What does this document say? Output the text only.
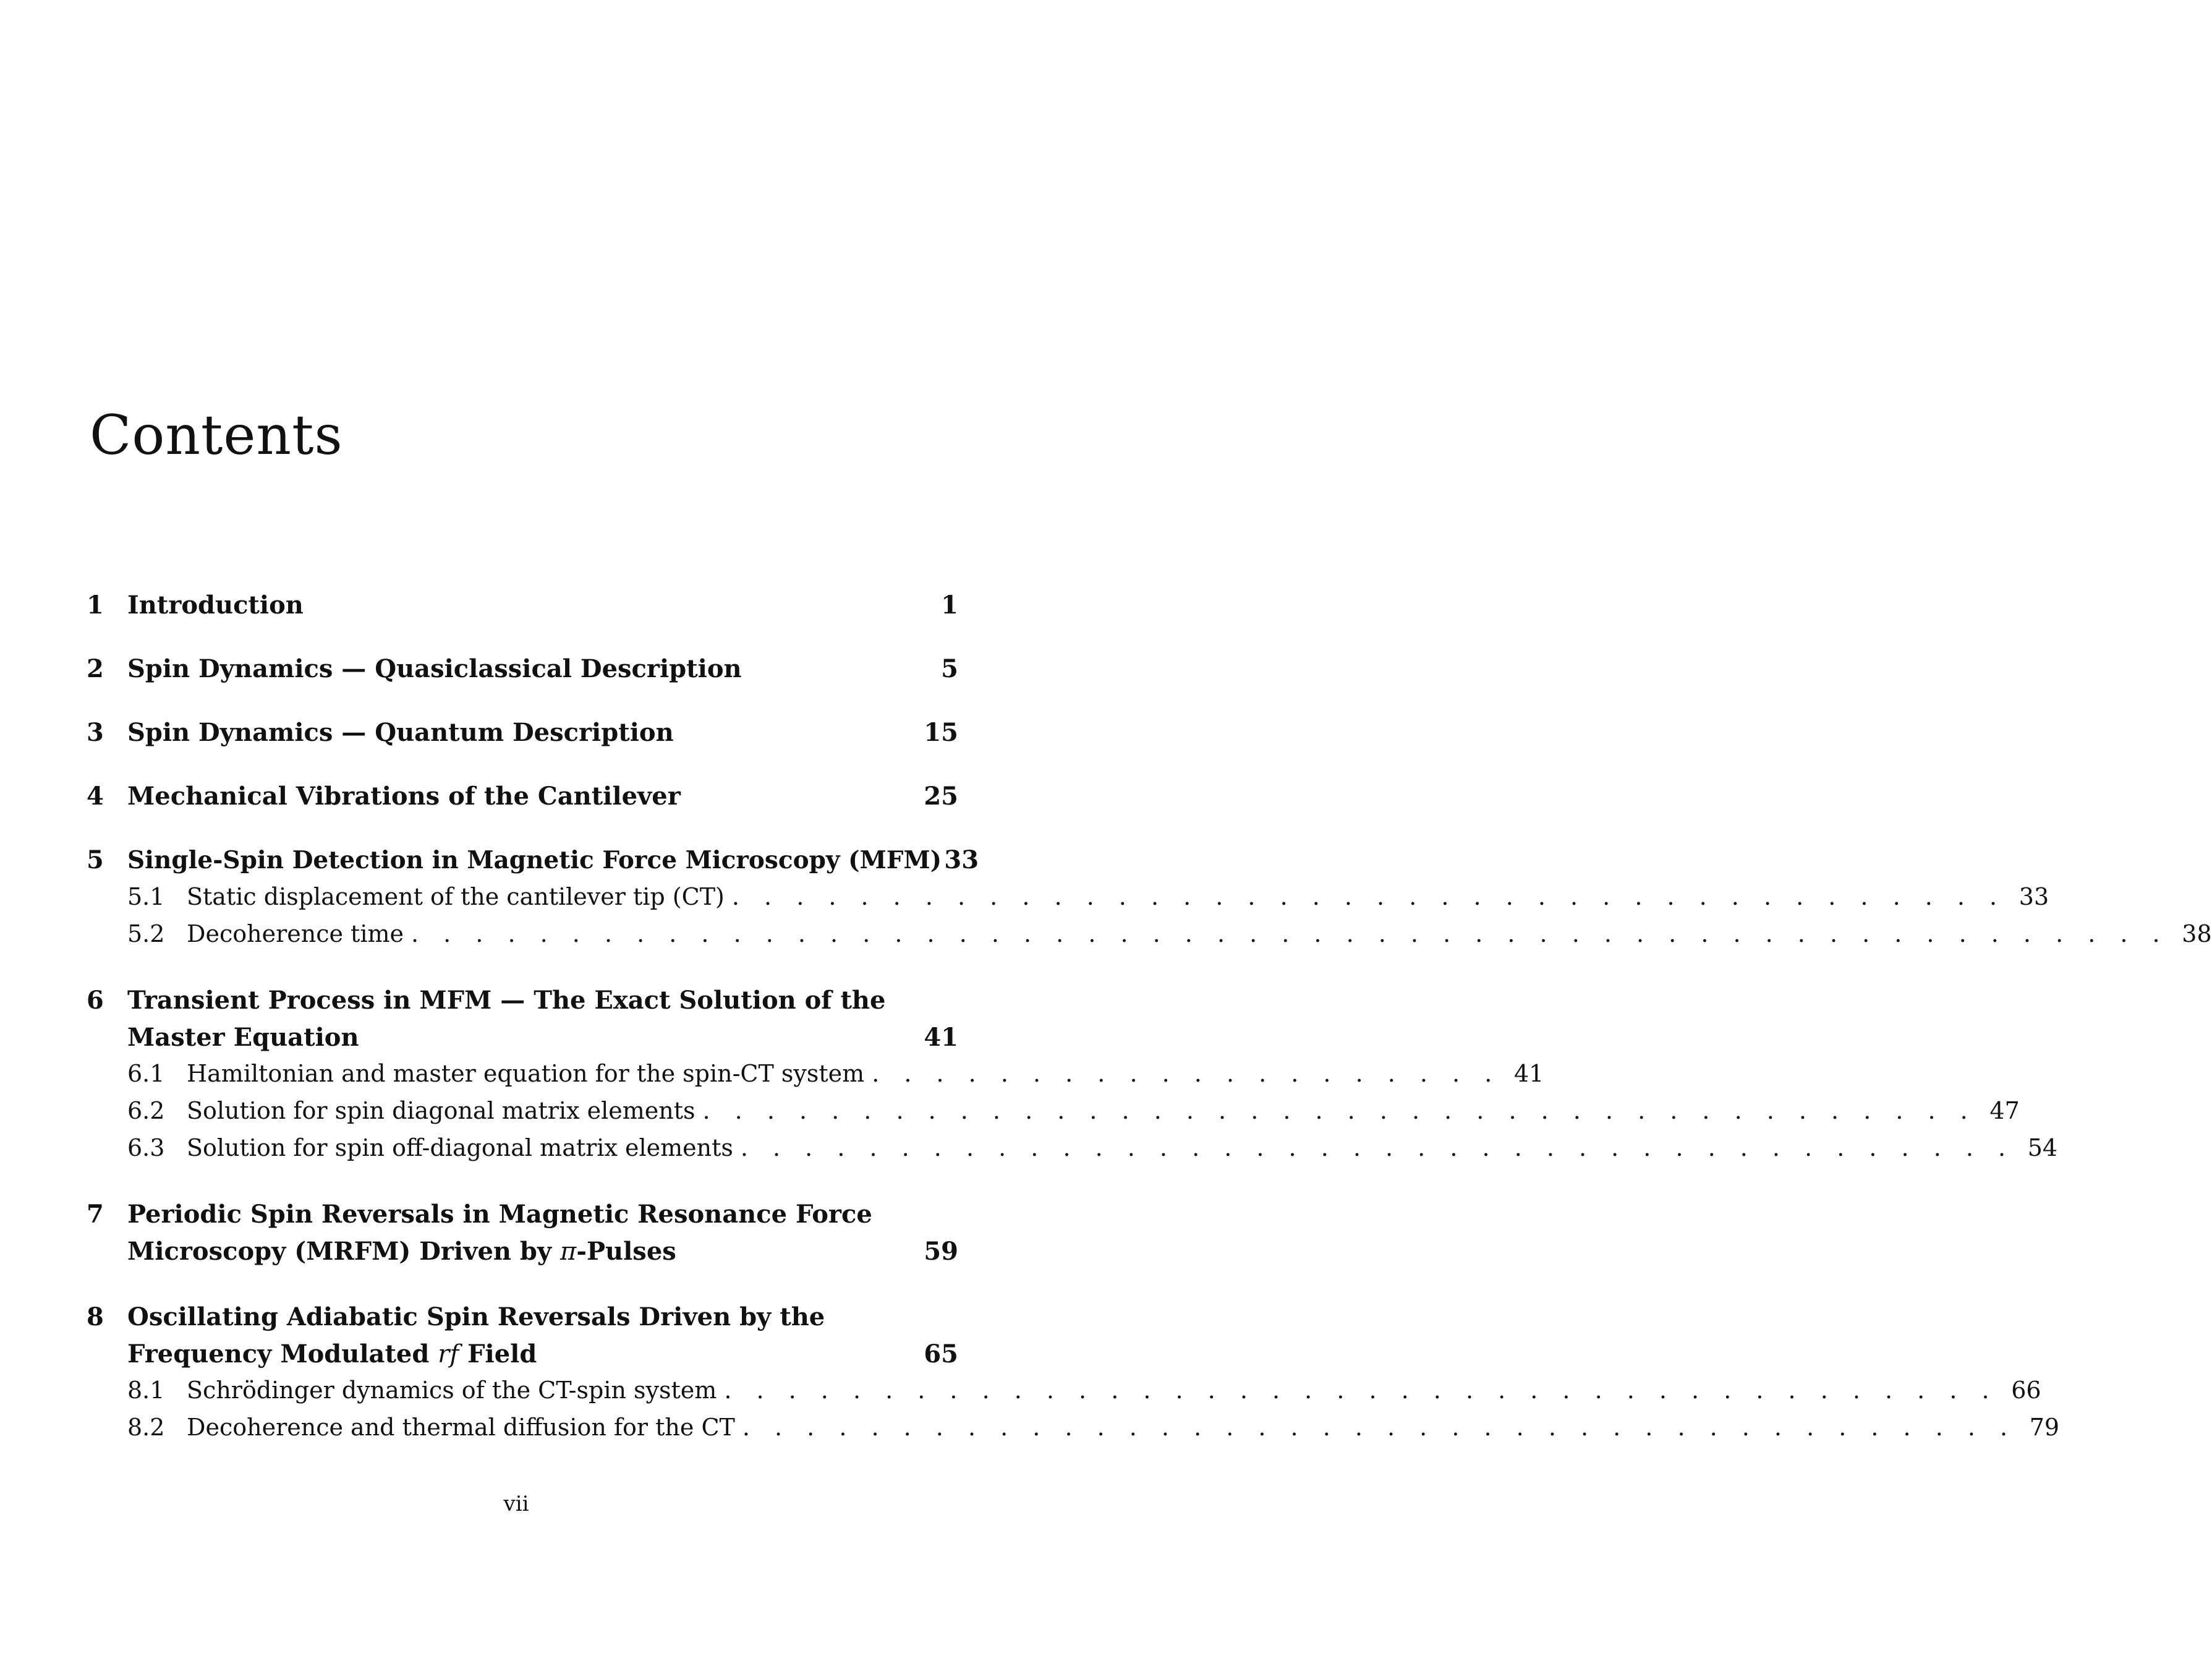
Contents
1 Introduction	1
2 Spin Dynamics — Quasiclassical Description	5
3 Spin Dynamics — Quantum Description	15
4 Mechanical Vibrations of the Cantilever	25
5 Single-Spin Detection in Magnetic Force Microscopy (MFM) 33
5.1 Static displacement of the cantilever tip (CT) . . . . . . . . . . . . . . . . . . . . . . . . . . . . . . . . . . . . . . . . 33
5.2 Decoherence time . . . . . . . . . . . . . . . . . . . . . . . . . . . . . . . . . . . . . . . . . . . . . . . . . . . . . . . 38
6 Transient Process in MFM — The Exact Solution of the
Master Equation	41
6.1 Hamiltonian and master equation for the spin-CT system . . . . . . . . . . . . . . . . . . . . 41
6.2 Solution for spin diagonal matrix elements . . . . . . . . . . . . . . . . . . . . . . . . . . . . . . . . . . . . . . . . 47
6.3 Solution for spin off-diagonal matrix elements . . . . . . . . . . . . . . . . . . . . . . . . . . . . . . . . . . . . . . . . 54
7 Periodic Spin Reversals in Magnetic Resonance Force
Microscopy (MRFM) Driven by π-Pulses	59
8 Oscillating Adiabatic Spin Reversals Driven by the
Frequency Modulated rf Field	65
8.1 Schrödinger dynamics of the CT-spin system . . . . . . . . . . . . . . . . . . . . . . . . . . . . . . . . . . . . . . . . 66
8.2 Decoherence and thermal diffusion for the CT . . . . . . . . . . . . . . . . . . . . . . . . . . . . . . . . . . . . . . . . 79
vii
